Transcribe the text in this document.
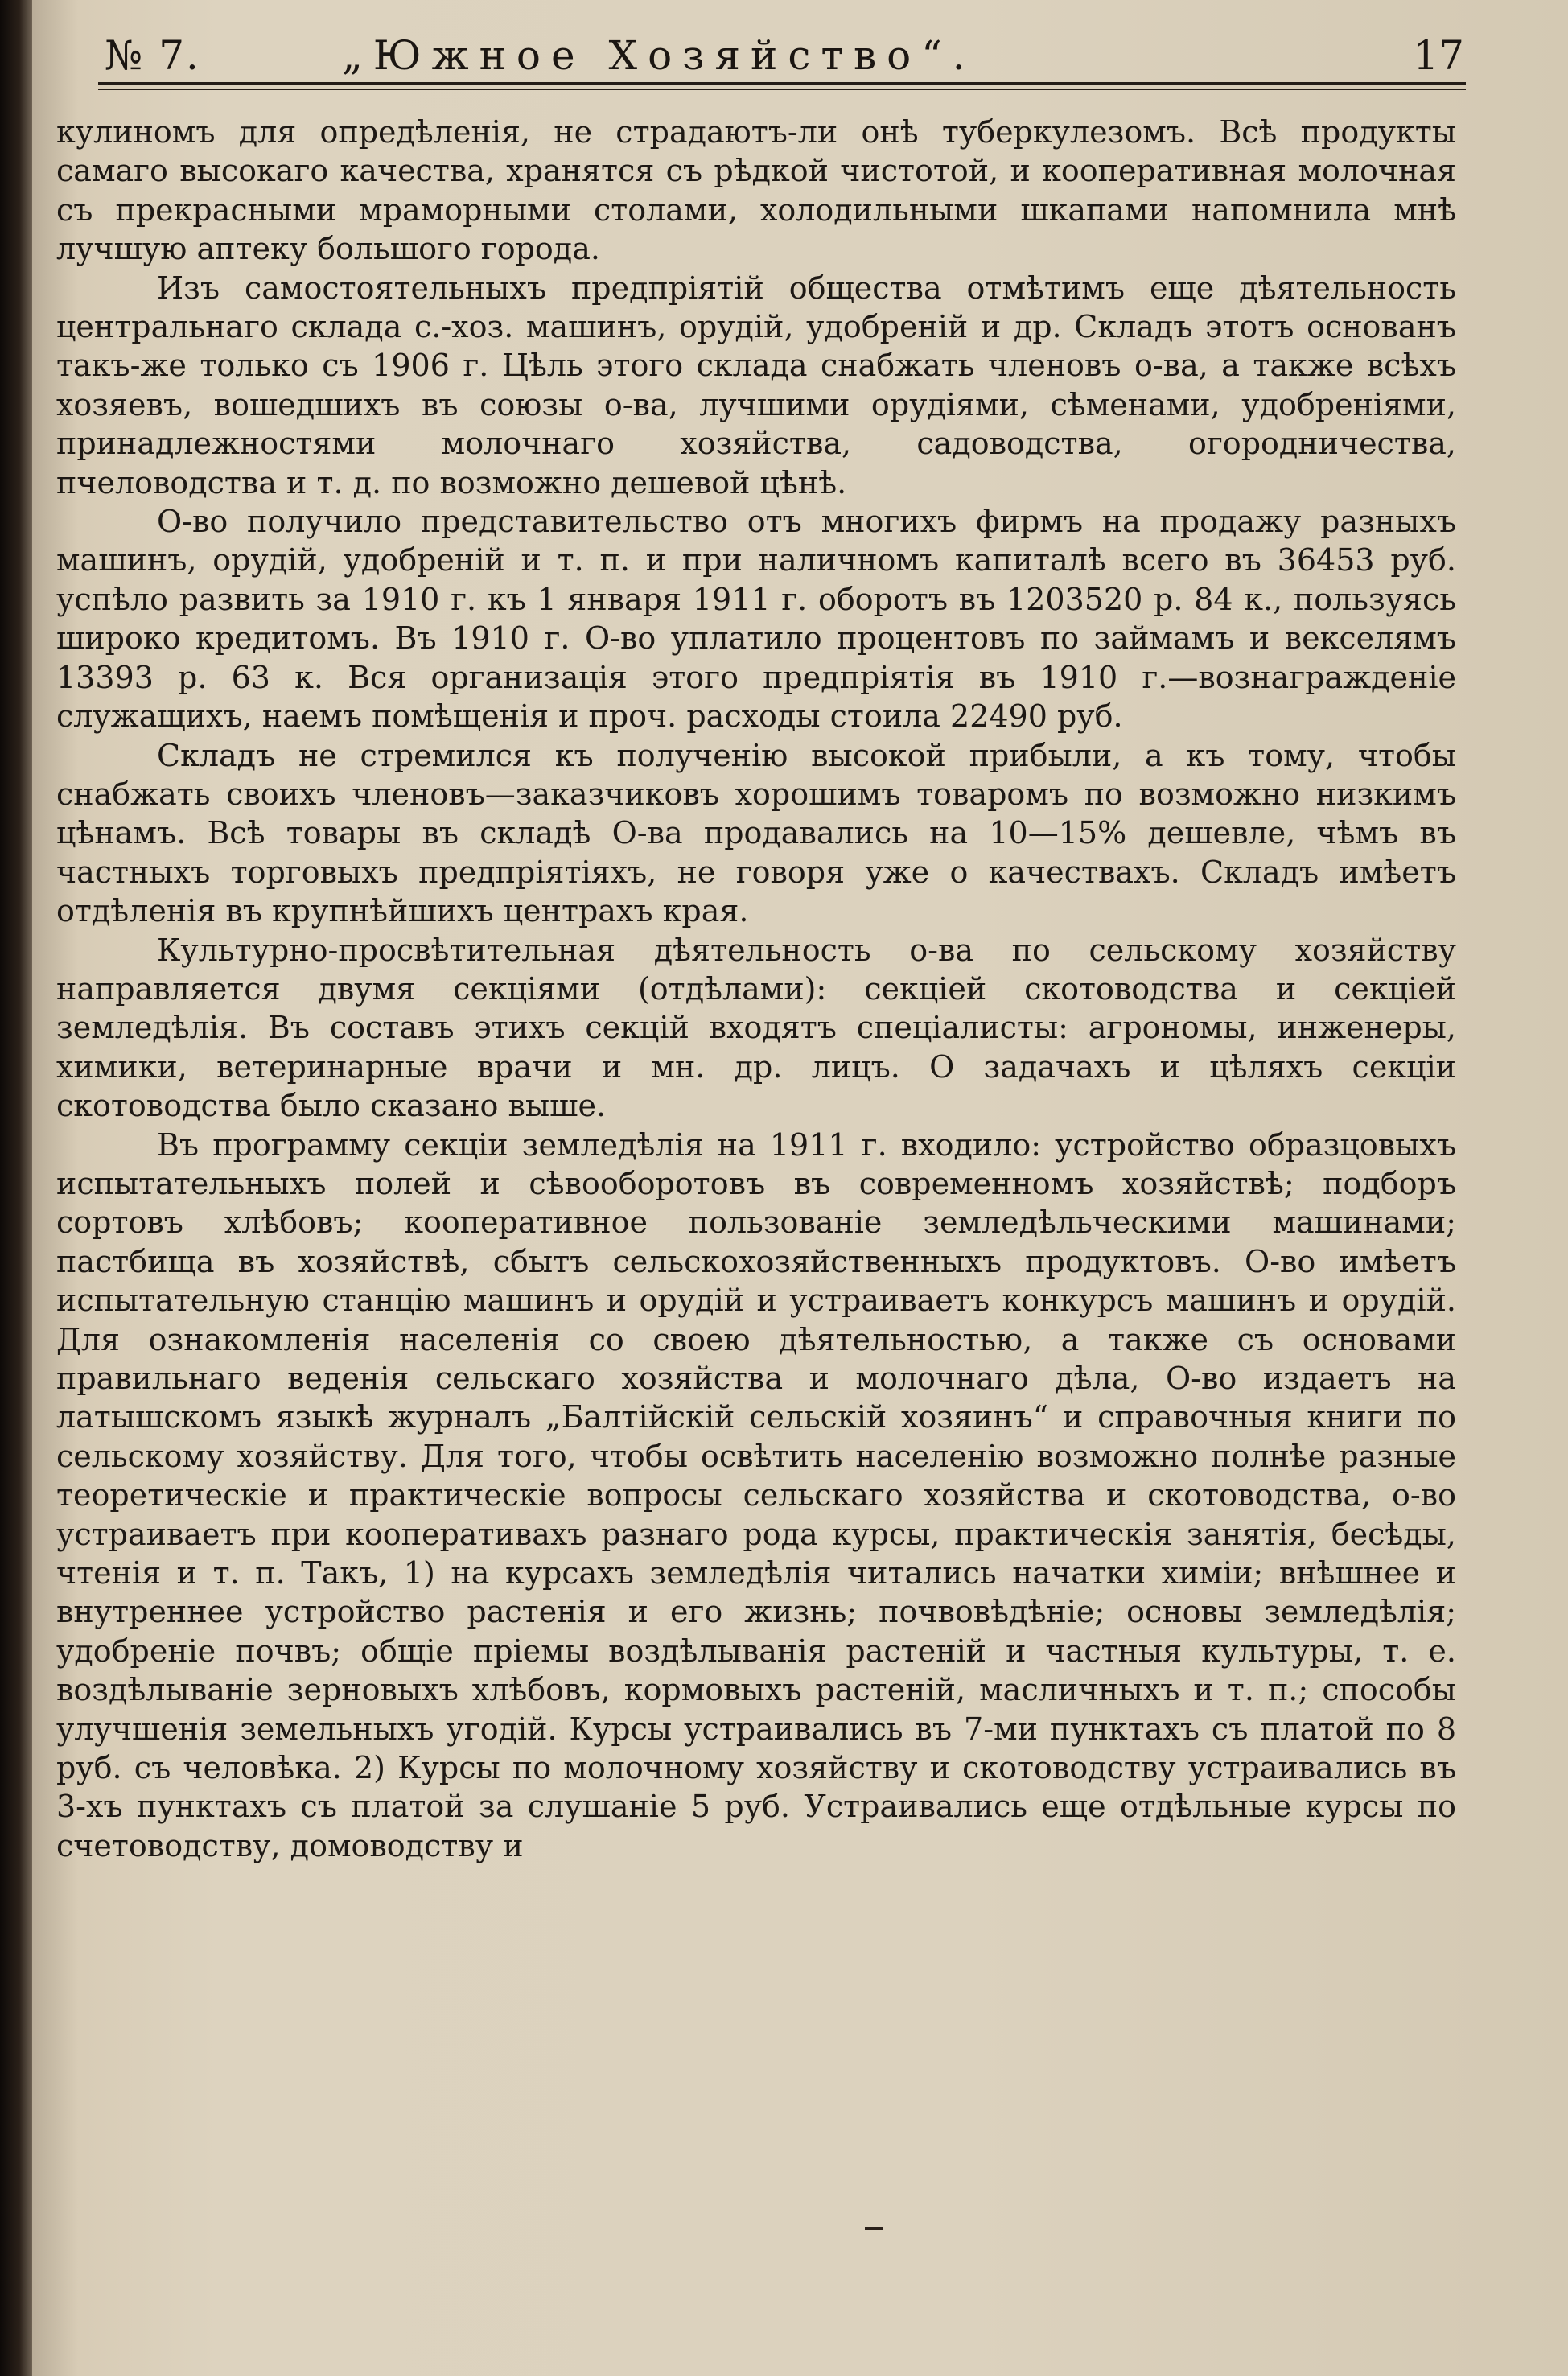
№ 7.	„Южное Хозяйство“.	17

кулиномъ для опредѣленія, не страдаютъ-ли онѣ туберкулезомъ. Всѣ продукты самаго высокаго качества, хранятся съ рѣдкой чистотой, и кооперативная молочная съ прекрасными мраморными столами, холодильными шкапами напомнила мнѣ лучшую аптеку большого города.

Изъ самостоятельныхъ предпріятій общества отмѣтимъ еще дѣятельность центральнаго склада с.-хоз. машинъ, орудій, удобреній и др. Складъ этотъ основанъ такъ-же только съ 1906 г. Цѣль этого склада снабжать членовъ о-ва, а также всѣхъ хозяевъ, вошедшихъ въ союзы о-ва, лучшими орудіями, сѣменами, удобреніями, принадлежностями молочнаго хозяйства, садоводства, огородничества, пчеловодства и т. д. по возможно дешевой цѣнѣ.

О-во получило представительство отъ многихъ фирмъ на продажу разныхъ машинъ, орудій, удобреній и т. п. и при наличномъ капиталѣ всего въ 36453 руб. успѣло развить за 1910 г. къ 1 января 1911 г. оборотъ въ 1203520 р. 84 к., пользуясь широко кредитомъ. Въ 1910 г. О-во уплатило процентовъ по займамъ и векселямъ 13393 р. 63 к. Вся организація этого предпріятія въ 1910 г.—вознагражденіе служащихъ, наемъ помѣщенія и проч. расходы стоила 22490 руб.

Складъ не стремился къ полученію высокой прибыли, а къ тому, чтобы снабжать своихъ членовъ—заказчиковъ хорошимъ товаромъ по возможно низкимъ цѣнамъ. Всѣ товары въ складѣ О-ва продавались на 10—15% дешевле, чѣмъ въ частныхъ торговыхъ предпріятіяхъ, не говоря уже о качествахъ. Складъ имѣетъ отдѣленія въ крупнѣйшихъ центрахъ края.

Культурно-просвѣтительная дѣятельность о-ва по сельскому хозяйству направляется двумя секціями (отдѣлами): секціей скотоводства и секціей земледѣлія. Въ составъ этихъ секцій входятъ спеціалисты: агрономы, инженеры, химики, ветеринарные врачи и мн. др. лицъ. О задачахъ и цѣляхъ секціи скотоводства было сказано выше.

Въ программу секціи земледѣлія на 1911 г. входило: устройство образцовыхъ испытательныхъ полей и сѣвооборотовъ въ современномъ хозяйствѣ; подборъ сортовъ хлѣбовъ; кооперативное пользованіе земледѣльческими машинами; пастбища въ хозяйствѣ, сбытъ сельскохозяйственныхъ продуктовъ. О-во имѣетъ испытательную станцію машинъ и орудій и устраиваетъ конкурсъ машинъ и орудій. Для ознакомленія населенія со своею дѣятельностью, а также съ основами правильнаго веденія сельскаго хозяйства и молочнаго дѣла, О-во издаетъ на латышскомъ языкѣ журналъ „Балтійскій сельскій хозяинъ“ и справочныя книги по сельскому хозяйству. Для того, чтобы освѣтить населенію возможно полнѣе разные теоретическіе и практическіе вопросы сельскаго хозяйства и скотоводства, о-во устраиваетъ при кооперативахъ разнаго рода курсы, практическія занятія, бесѣды, чтенія и т. п. Такъ, 1) на курсахъ земледѣлія читались начатки химіи; внѣшнее и внутреннее устройство растенія и его жизнь; почвовѣдѣніе; основы земледѣлія; удобреніе почвъ; общіе пріемы воздѣлыванія растеній и частныя культуры, т. е. воздѣлываніе зерновыхъ хлѣбовъ, кормовыхъ растеній, масличныхъ и т. п.; способы улучшенія земельныхъ угодій. Курсы устраивались въ 7-ми пунктахъ съ платой по 8 руб. съ человѣка. 2) Курсы по молочному хозяйству и скотоводству устраивались въ 3-хъ пунктахъ съ платой за слушаніе 5 руб. Устраивались еще отдѣльные курсы по счетоводству, домоводству и
